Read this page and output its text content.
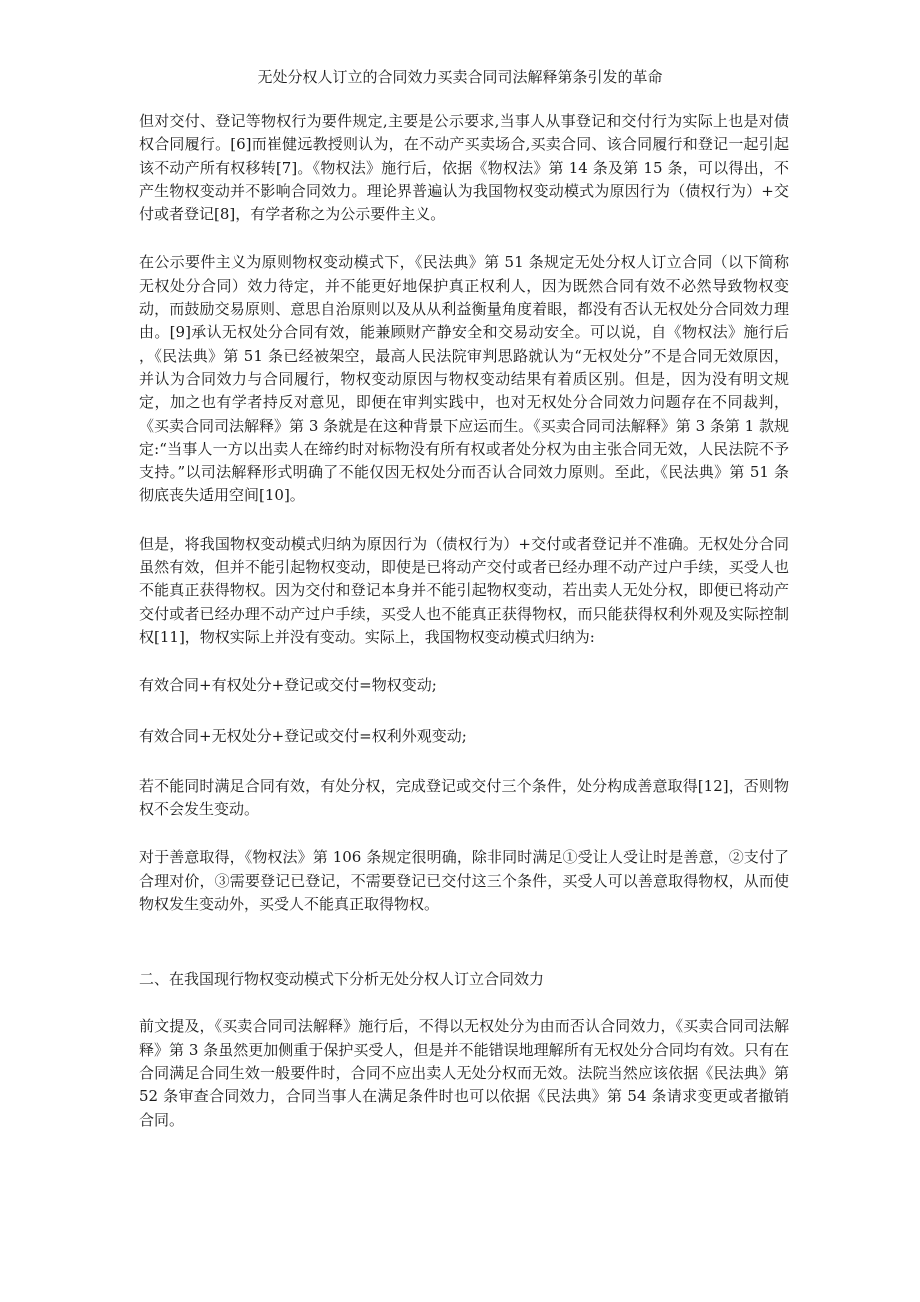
无处分权人订立的合同效力买卖合同司法解释第条引发的革命

但对交付、登记等物权行为要件规定,主要是公示要求,当事人从事登记和交付行为实际上也是对债权合同履行。[6]而崔健远教授则认为，在不动产买卖场合,买卖合同、该合同履行和登记一起引起该不动产所有权移转[7]。《物权法》施行后，依据《物权法》第 14 条及第 15 条，可以得出，不产生物权变动并不影响合同效力。理论界普遍认为我国物权变动模式为原因行为（债权行为）+交付或者登记[8]，有学者称之为公示要件主义。

在公示要件主义为原则物权变动模式下，《民法典》第 51 条规定无处分权人订立合同（以下简称无权处分合同）效力待定，并不能更好地保护真正权利人，因为既然合同有效不必然导致物权变动，而鼓励交易原则、意思自治原则以及从从利益衡量角度着眼，都没有否认无权处分合同效力理由。[9]承认无权处分合同有效，能兼顾财产静安全和交易动安全。可以说，自《物权法》施行后 ，《民法典》第 51 条已经被架空，最高人民法院审判思路就认为“无权处分”不是合同无效原因，并认为合同效力与合同履行，物权变动原因与物权变动结果有着质区别。但是，因为没有明文规定，加之也有学者持反对意见，即便在审判实践中，也对无权处分合同效力问题存在不同裁判，《买卖合同司法解释》第 3 条就是在这种背景下应运而生。《买卖合同司法解释》第 3 条第 1 款规定:“当事人一方以出卖人在缔约时对标物没有所有权或者处分权为由主张合同无效，人民法院不予支持。”以司法解释形式明确了不能仅因无权处分而否认合同效力原则。至此，《民法典》第 51 条彻底丧失适用空间[10]。

但是，将我国物权变动模式归纳为原因行为（债权行为）+交付或者登记并不准确。无权处分合同虽然有效，但并不能引起物权变动，即使是已将动产交付或者已经办理不动产过户手续，买受人也不能真正获得物权。因为交付和登记本身并不能引起物权变动，若出卖人无处分权，即便已将动产交付或者已经办理不动产过户手续，买受人也不能真正获得物权，而只能获得权利外观及实际控制权[11]，物权实际上并没有变动。实际上，我国物权变动模式归纳为:

有效合同+有权处分+登记或交付=物权变动;

有效合同+无权处分+登记或交付=权利外观变动;

若不能同时满足合同有效，有处分权，完成登记或交付三个条件，处分构成善意取得[12]，否则物权不会发生变动。

对于善意取得，《物权法》第 106 条规定很明确，除非同时满足①受让人受让时是善意，②支付了合理对价，③需要登记已登记，不需要登记已交付这三个条件，买受人可以善意取得物权，从而使物权发生变动外，买受人不能真正取得物权。

二、在我国现行物权变动模式下分析无处分权人订立合同效力

前文提及，《买卖合同司法解释》施行后，不得以无权处分为由而否认合同效力，《买卖合同司法解释》第 3 条虽然更加侧重于保护买受人，但是并不能错误地理解所有无权处分合同均有效。只有在合同满足合同生效一般要件时，合同不应出卖人无处分权而无效。法院当然应该依据《民法典》第 52 条审查合同效力，合同当事人在满足条件时也可以依据《民法典》第 54 条请求变更或者撤销合同。
